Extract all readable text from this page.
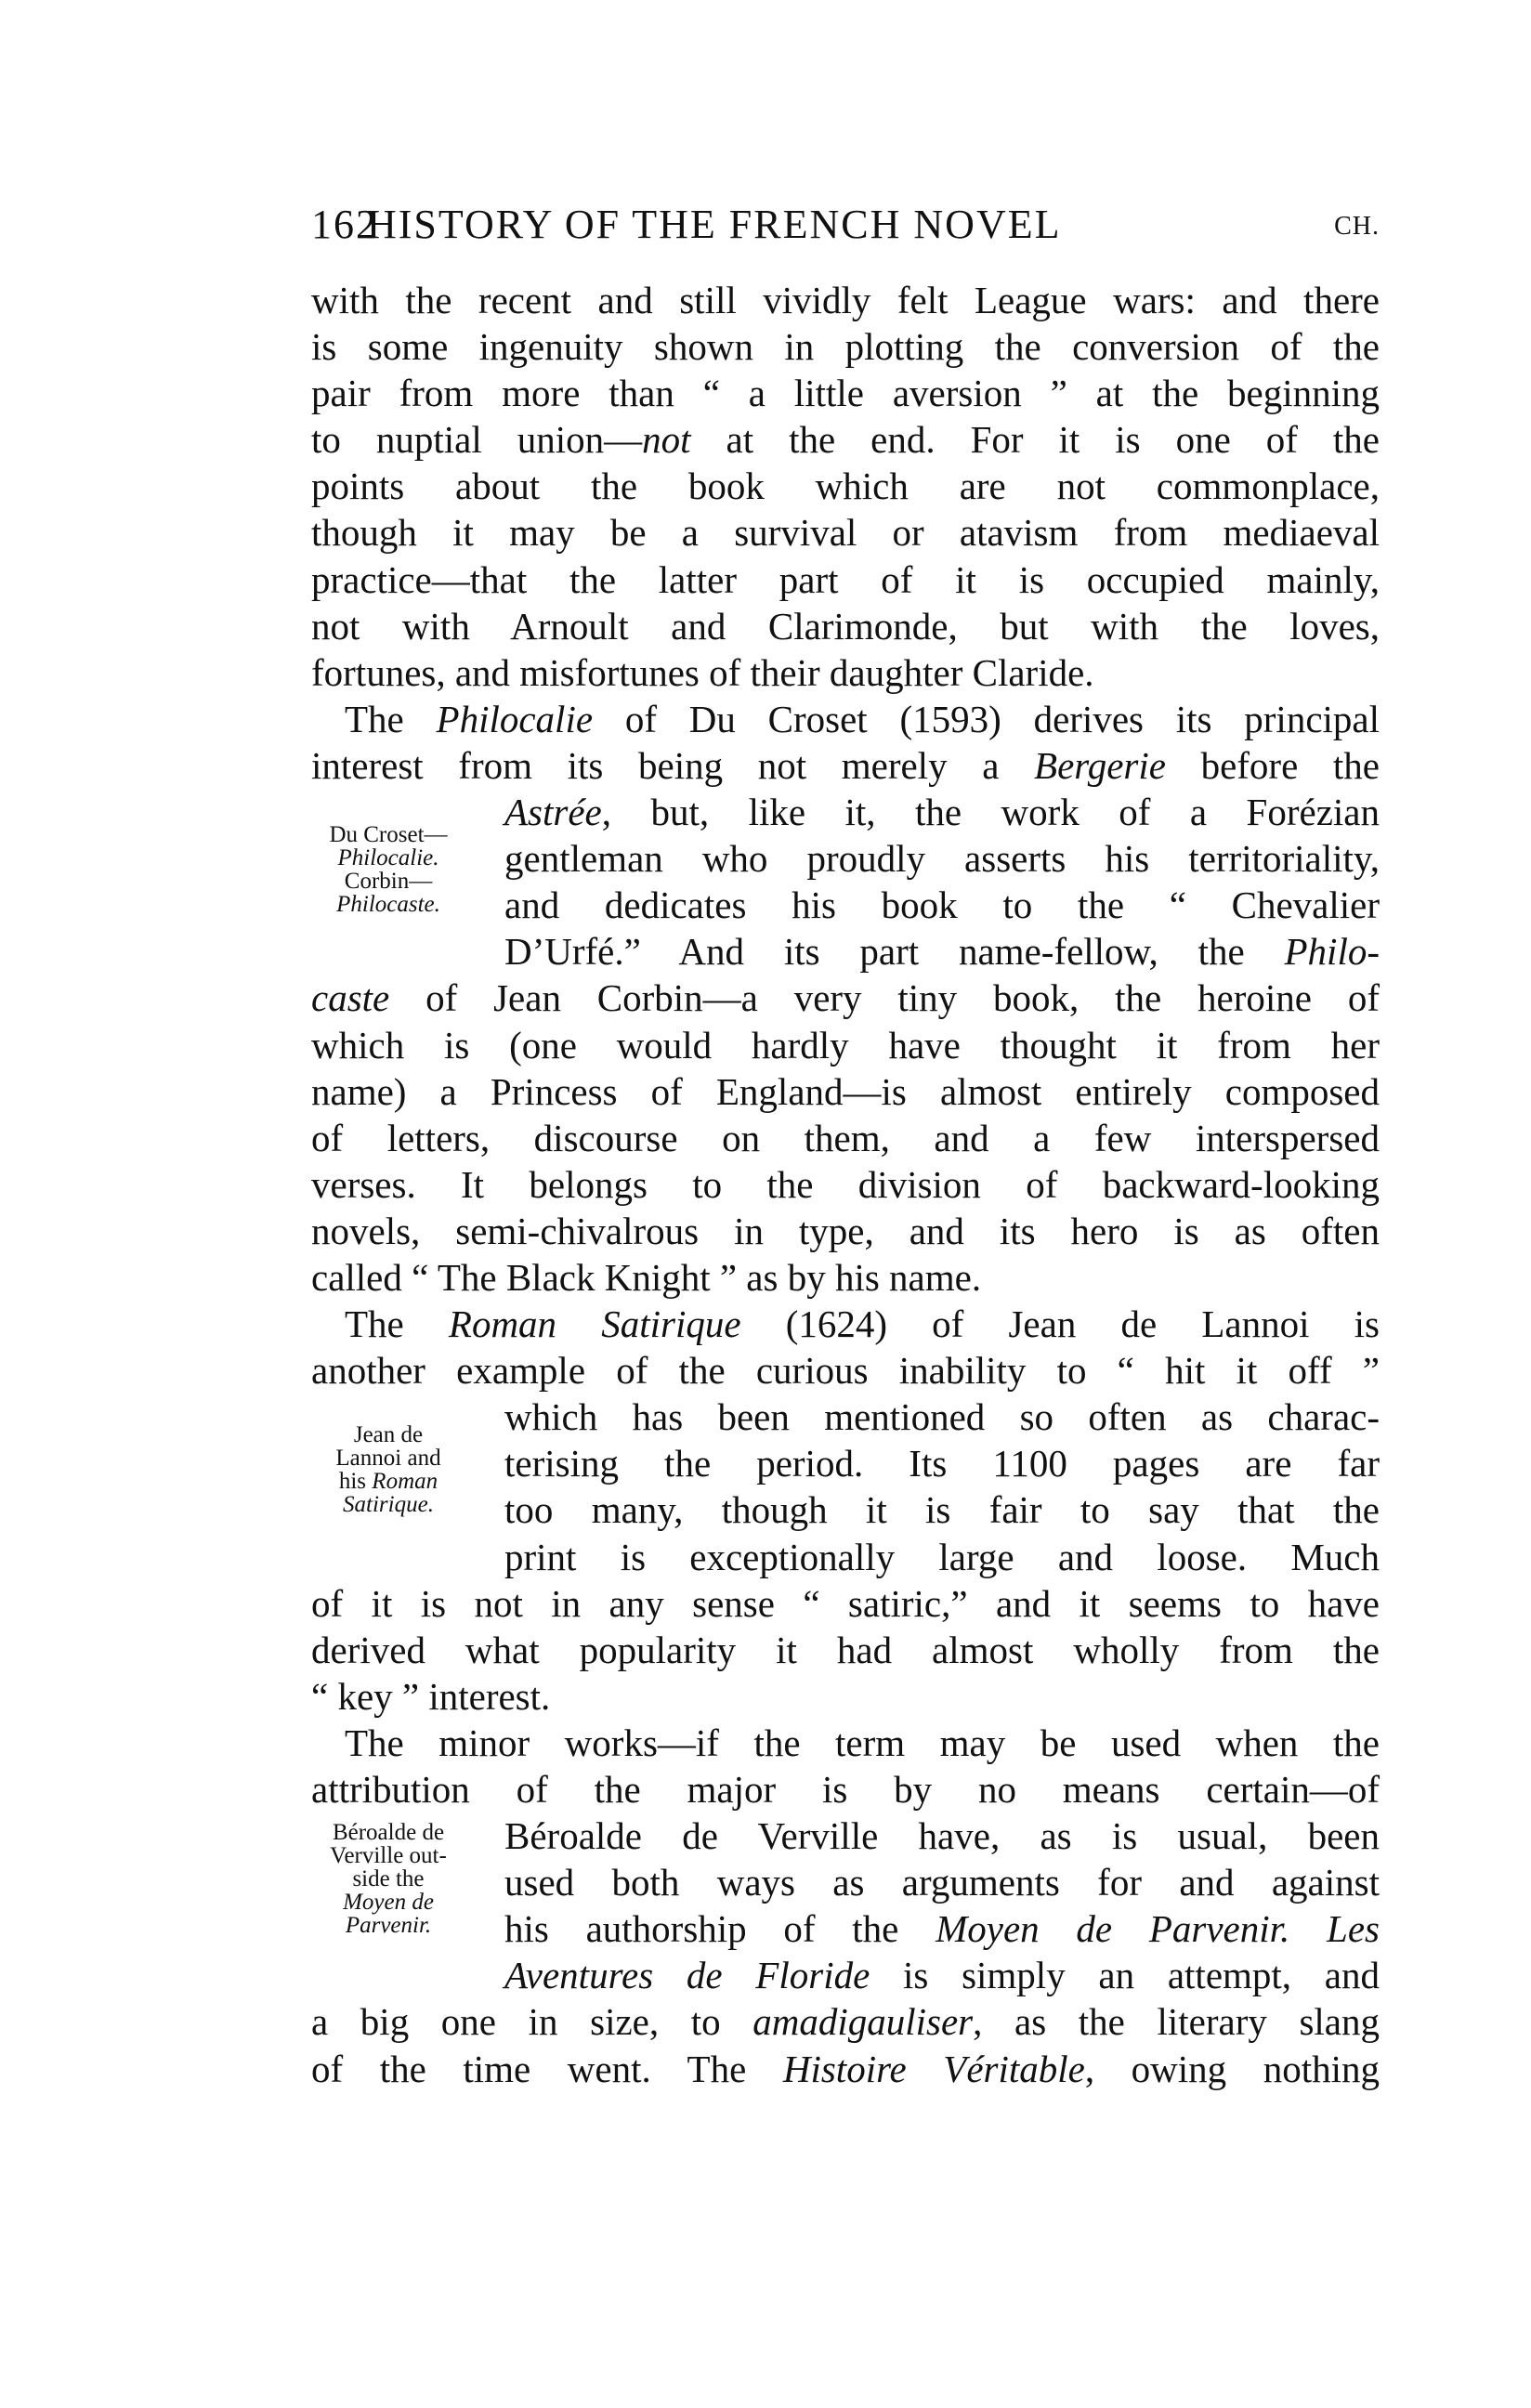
162
HISTORY OF THE FRENCH NOVEL	CH.
with the recent and still vividly felt League wars: and there
is some ingenuity shown in plotting the conversion of the
pair from more than “ a little aversion ” at the beginning
to nuptial union—not at the end. For it is one of the
points about the book which are not commonplace,
though it may be a survival or atavism from mediaeval
practice—that the latter part of it is occupied mainly,
not with Arnoult and Clarimonde, but with the loves,
fortunes, and misfortunes of their daughter Claride.
The Philocalie of Du Croset (1593) derives its principal
interest from its being not merely a Bergerie before the
Astrée, but, like it, the work of a Forézian
gentleman who proudly asserts his territoriality,
and dedicates his book to the “ Chevalier
D’Urfé.” And its part name-fellow, the Philo-
caste of Jean Corbin—a very tiny book, the heroine of
which is (one would hardly have thought it from her
name) a Princess of England—is almost entirely composed
of letters, discourse on them, and a few interspersed
verses. It belongs to the division of backward-looking
novels, semi-chivalrous in type, and its hero is as often
called “ The Black Knight ” as by his name.
The Roman Satirique (1624) of Jean de Lannoi is
another example of the curious inability to “ hit it off ”
which has been mentioned so often as charac-
terising the period. Its 1100 pages are far
too many, though it is fair to say that the
print is exceptionally large and loose. Much
of it is not in any sense “ satiric,” and it seems to have
derived what popularity it had almost wholly from the
“ key ” interest.
The minor works—if the term may be used when the
attribution of the major is by no means certain—of
Béroalde de Verville have, as is usual, been
used both ways as arguments for and against
his authorship of the Moyen de Parvenir. Les
Aventures de Floride is simply an attempt, and
a big one in size, to amadigauliser, as the literary slang
of the time went. The Histoire Véritable, owing nothing
Du Croset—
Philocalie.
Corbin—
Philocaste.
Jean de
Lannoi and
his Roman
Satirique.
Béroalde de
Verville out-
side the
Moyen de
Parvenir.
